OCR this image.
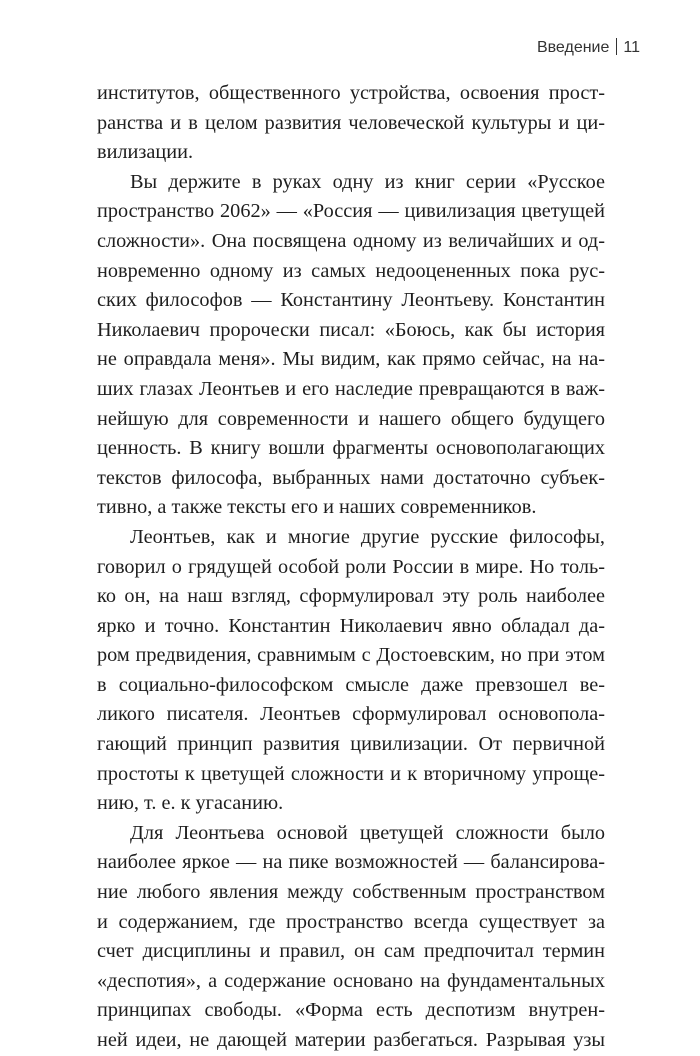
Введение 11
институтов, общественного устройства, освоения прост-
ранства и в целом развития человеческой культуры и ци-
вилизации.
Вы держите в руках одну из книг серии «Русское
пространство 2062» — «Россия — цивилизация цветущей
сложности». Она посвящена одному из величайших и од-
новременно одному из самых недооцененных пока рус-
ских философов — Константину Леонтьеву. Константин
Николаевич пророчески писал: «Боюсь, как бы история
не оправдала меня». Мы видим, как прямо сейчас, на на-
ших глазах Леонтьев и его наследие превращаются в важ-
нейшую для современности и нашего общего будущего
ценность. В книгу вошли фрагменты основополагающих
текстов философа, выбранных нами достаточно субъек-
тивно, а также тексты его и наших современников.
Леонтьев, как и многие другие русские философы,
говорил о грядущей особой роли России в мире. Но толь-
ко он, на наш взгляд, сформулировал эту роль наиболее
ярко и точно. Константин Николаевич явно обладал да-
ром предвидения, сравнимым с Достоевским, но при этом
в социально-философском смысле даже превзошел ве-
ликого писателя. Леонтьев сформулировал основопола-
гающий принцип развития цивилизации. От первичной
простоты к цветущей сложности и к вторичному упроще-
нию, т. е. к угасанию.
Для Леонтьева основой цветущей сложности было
наиболее яркое — на пике возможностей — балансирова-
ние любого явления между собственным пространством
и содержанием, где пространство всегда существует за
счет дисциплины и правил, он сам предпочитал термин
«деспотия», а содержание основано на фундаментальных
принципах свободы. «Форма есть деспотизм внутрен-
ней идеи, не дающей материи разбегаться. Разрывая узы
